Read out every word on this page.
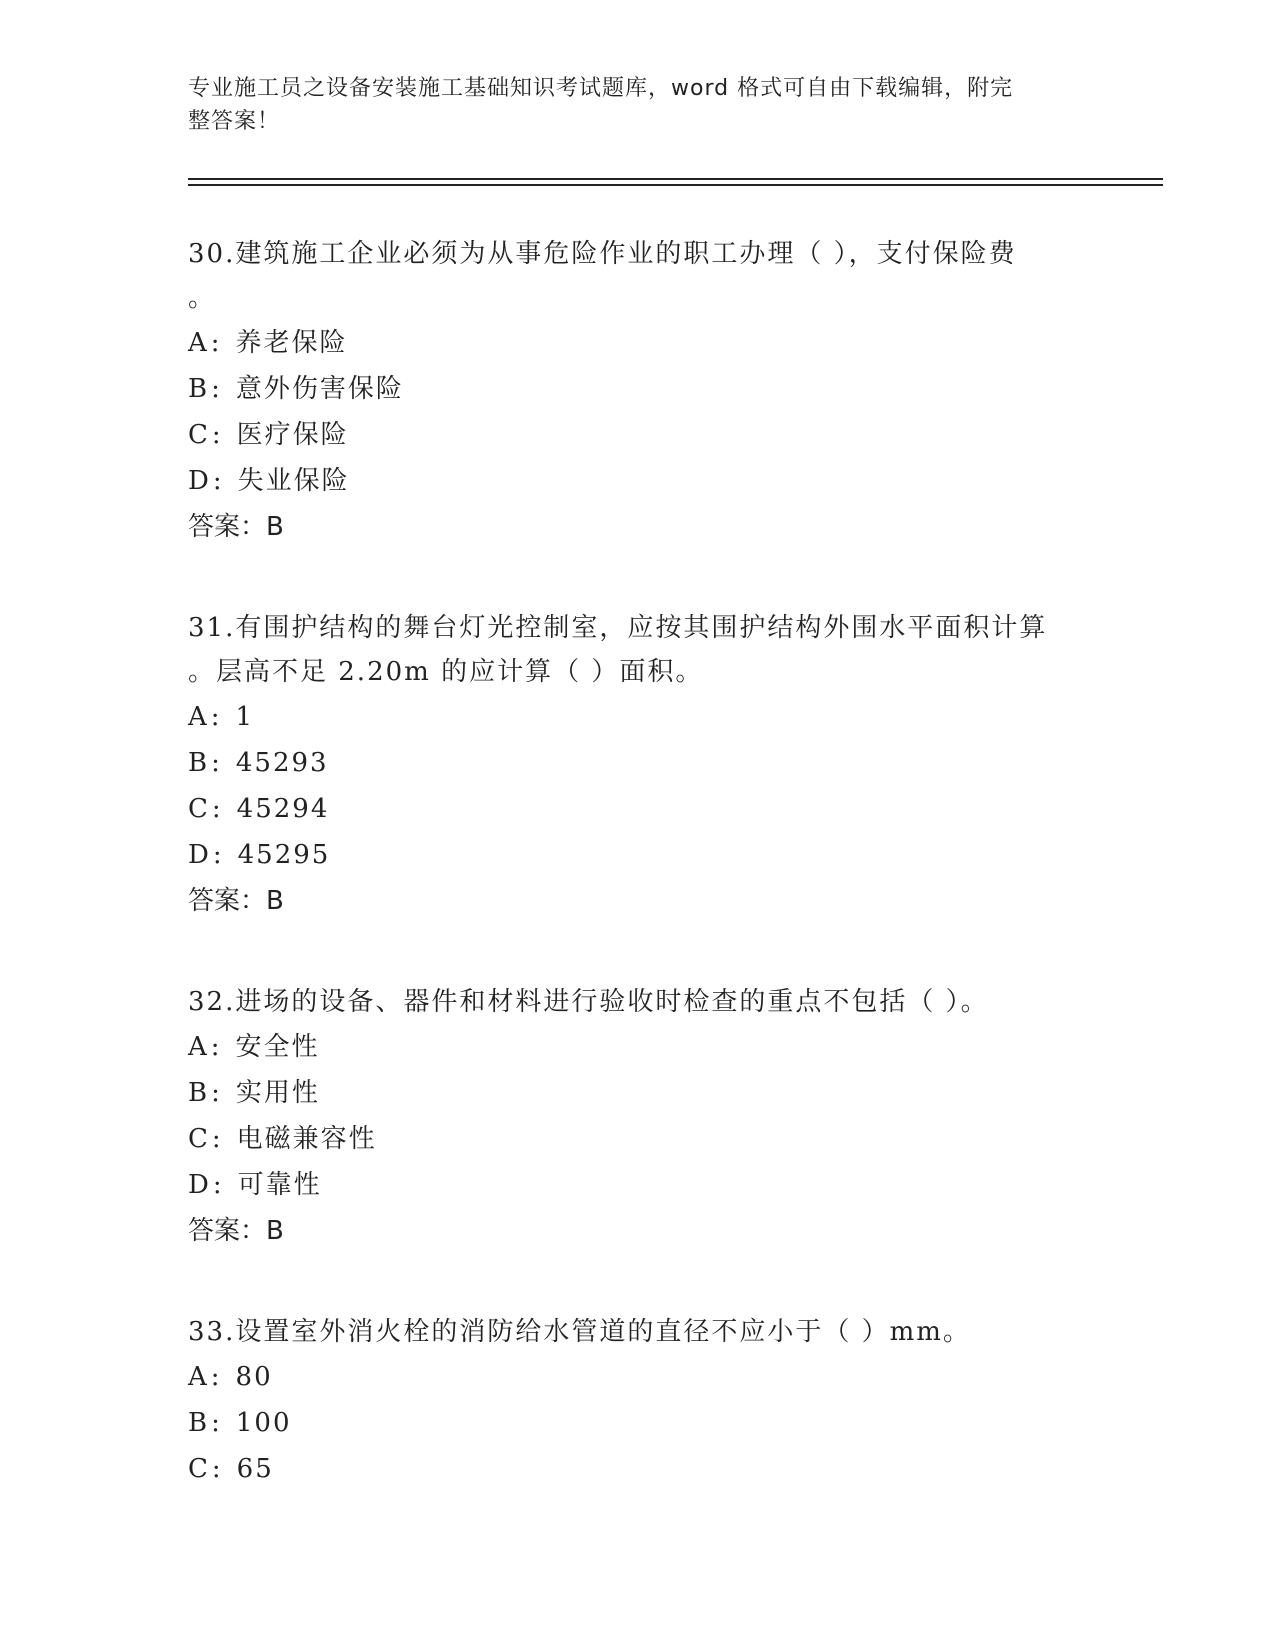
专业施工员之设备安装施工基础知识考试题库，word 格式可自由下载编辑，附完
整答案！
30.建筑施工企业必须为从事危险作业的职工办理（ ），支付保险费
。
A: 养老保险
B: 意外伤害保险
C: 医疗保险
D: 失业保险
答案：B
31.有围护结构的舞台灯光控制室，应按其围护结构外围水平面积计算
。层高不足 2.20m 的应计算（ ）面积。
A: 1
B: 45293
C: 45294
D: 45295
答案：B
32.进场的设备、器件和材料进行验收时检查的重点不包括（ ）。
A: 安全性
B: 实用性
C: 电磁兼容性
D: 可靠性
答案：B
33.设置室外消火栓的消防给水管道的直径不应小于（ ）mm。
A: 80
B: 100
C: 65
